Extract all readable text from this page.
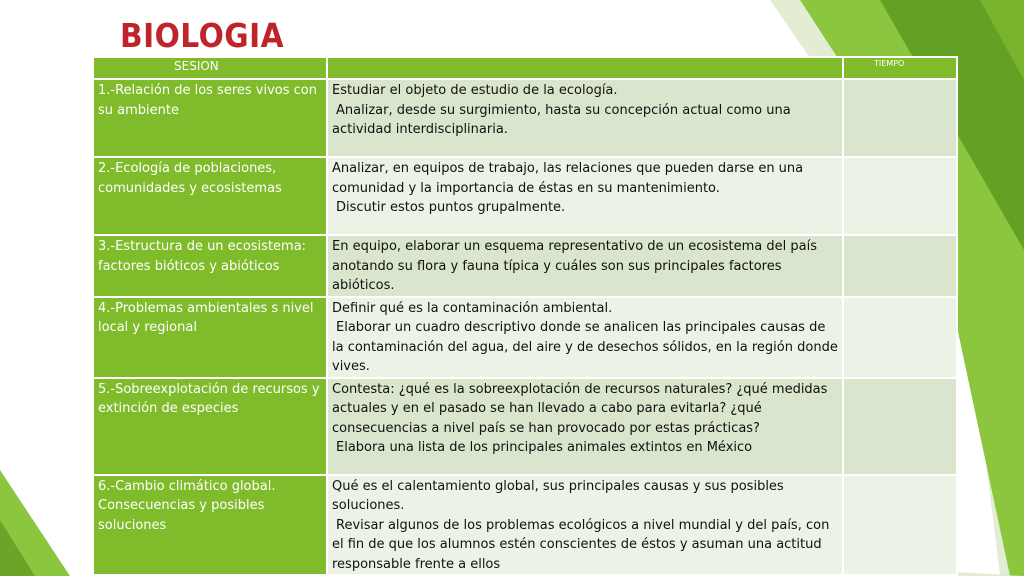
BIOLOGIA
SESION		TIEMPO
1.-Relación de los seres vivos con su ambiente	Estudiar el objeto de estudio de la ecología.
Analizar, desde su surgimiento, hasta su concepción actual como una actividad interdisciplinaria.	

2.-Ecología de poblaciones, comunidades y ecosistemas	Analizar, en equipos de trabajo, las relaciones que pueden darse en una comunidad y la importancia de éstas en su mantenimiento.
Discutir estos puntos grupalmente.	

3.-Estructura de un ecosistema: factores bióticos y abióticos	En equipo, elaborar un esquema representativo de un ecosistema del país anotando su flora y fauna típica y cuáles son sus principales factores abióticos.	

4.-Problemas ambientales s nivel local y regional	Definir qué es la contaminación ambiental.
Elaborar un cuadro descriptivo donde se analicen las principales causas de la contaminación del agua, del aire y de desechos sólidos, en la región donde vives.	

5.-Sobreexplotación de recursos y extinción de especies	Contesta: ¿qué es la sobreexplotación de recursos naturales? ¿qué medidas actuales y en el pasado se han llevado a cabo para evitarla? ¿qué consecuencias a nivel país se han provocado por estas prácticas?
Elabora una lista de los principales animales extintos en México	

6.-Cambio climático global. Consecuencias y posibles soluciones	Qué es el calentamiento global, sus principales causas y sus posibles soluciones.
Revisar algunos de los problemas ecológicos a nivel mundial y del país, con el fin de que los alumnos estén conscientes de éstos y asuman una actitud responsable frente a ellos	
